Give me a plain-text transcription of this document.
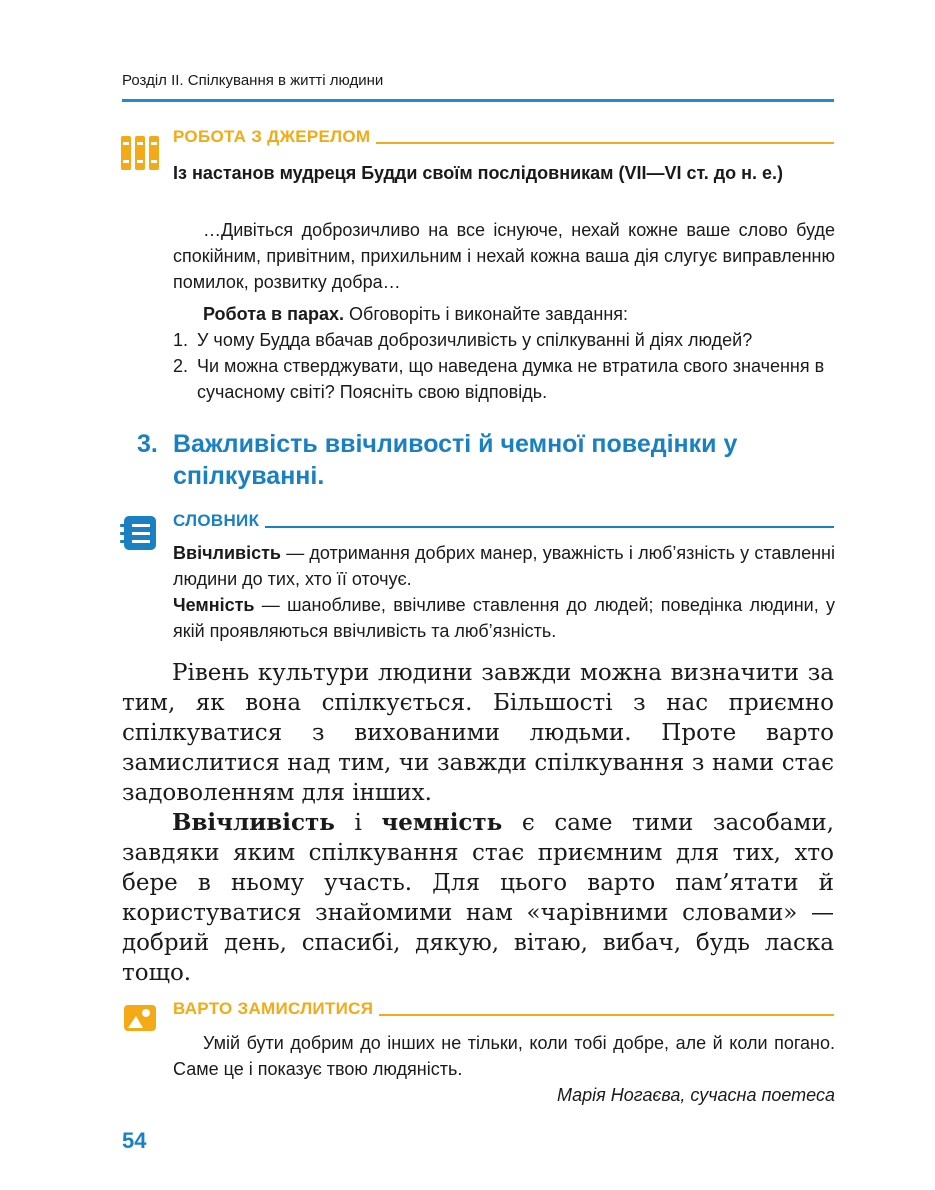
Розділ ІІ. Спілкування в житті людини
РОБОТА З ДЖЕРЕЛОМ
Із настанов мудреця Будди своїм послідовникам (VII—VI ст. до н. е.)

…Дивіться доброзичливо на все існуюче, нехай кожне ваше слово буде спокійним, привітним, прихильним і нехай кожна ваша дія слугує виправленню помилок, розвитку добра…

Робота в парах. Обговоріть і виконайте завдання:
1. У чому Будда вбачав доброзичливість у спілкуванні й діях людей?
2. Чи можна стверджувати, що наведена думка не втратила свого значення в сучасному світі? Поясніть свою відповідь.
3. Важливість ввічливості й чемної поведінки у спілкуванні.
СЛОВНИК

Ввічливість — дотримання добрих манер, уважність і люб’язність у ставленні людини до тих, хто її оточує.

Чемність — шанобливе, ввічливе ставлення до людей; поведінка людини, у якій проявляються ввічливість та люб’язність.

Рівень культури людини завжди можна визначити за тим, як вона спілкується. Більшості з нас приємно спілкуватися з вихованими людьми. Проте варто замислитися над тим, чи завжди спілкування з нами стає задоволенням для інших.

Ввічливість і чемність є саме тими засобами, завдяки яким спілкування стає приємним для тих, хто бере в ньому участь. Для цього варто пам’ятати й користуватися знайомими нам «чарівними словами» — добрий день, спасибі, дякую, вітаю, вибач, будь ласка тощо.

ВАРТО ЗАМИСЛИТИСЯ

Умій бути добрим до інших не тільки, коли тобі добре, але й коли погано. Саме це і показує твою людяність.

Марія Ногаєва, сучасна поетеса
54
